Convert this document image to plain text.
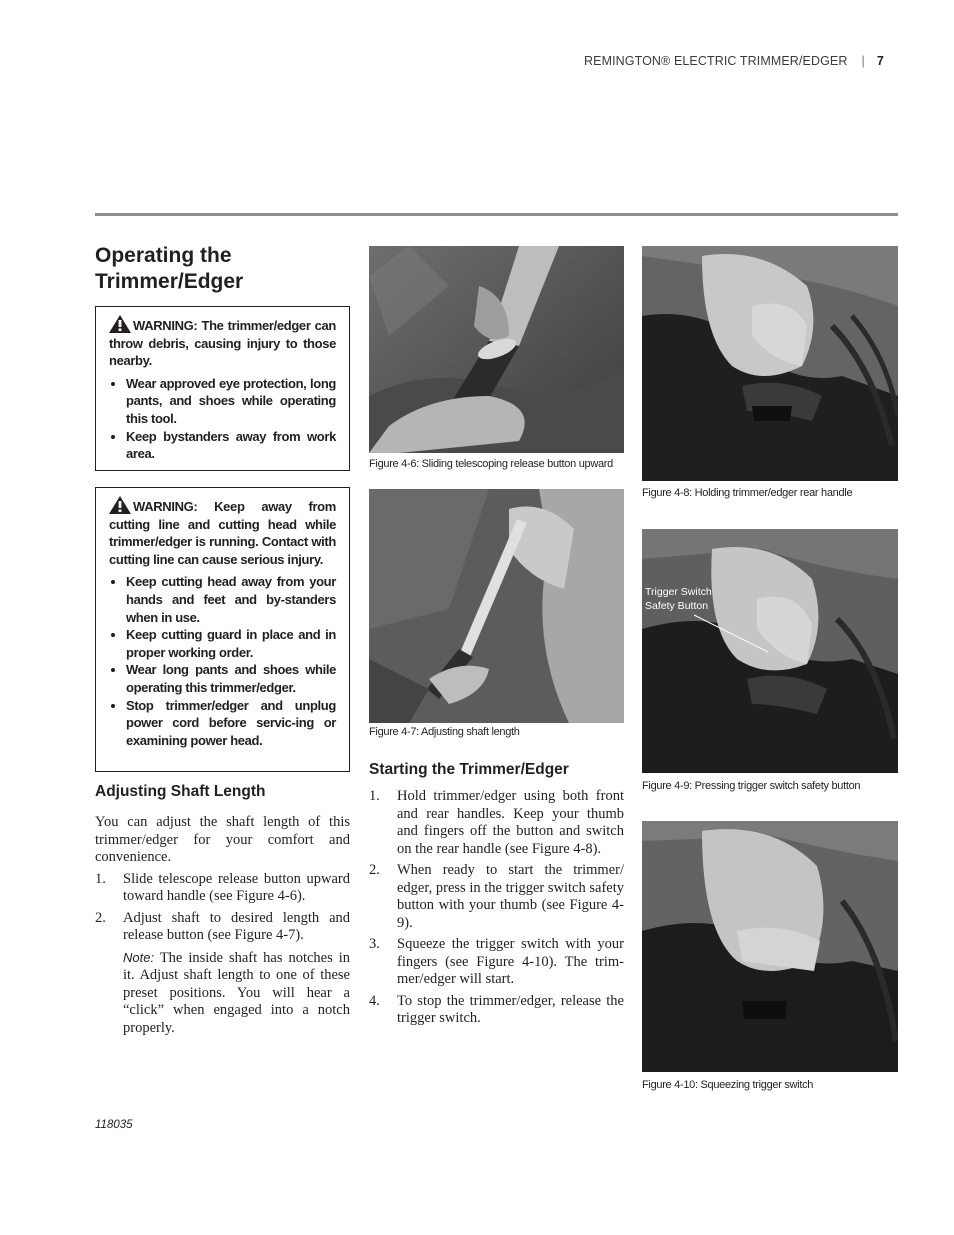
REMINGTON® ELECTRIC TRIMMER/EDGER | 7
Operating the Trimmer/Edger

WARNING: The trimmer/edger can throw debris, causing injury to those nearby.

• Wear approved eye protection, long pants, and shoes while operating this tool.
• Keep bystanders away from work area.

WARNING: Keep away from cutting line and cutting head while trimmer/edger is running. Contact with cutting line can cause serious injury.

• Keep cutting head away from your hands and feet and by-standers when in use.
• Keep cutting guard in place and in proper working order.
• Wear long pants and shoes while operating this trimmer/edger.
• Stop trimmer/edger and unplug power cord before servic-ing or examining power head.
Adjusting Shaft Length

You can adjust the shaft length of this trimmer/edger for your comfort and convenience.

1. Slide telescope release button upward toward handle (see Figure 4-6).
2. Adjust shaft to desired length and release button (see Figure 4-7).
Note: The inside shaft has notches in it. Adjust shaft length to one of these preset positions. You will hear a “click” when engaged into a notch properly.
Figure 4-6: Sliding telescoping release button upward
Figure 4-7: Adjusting shaft length
Starting the Trimmer/Edger
1. Hold trimmer/edger using both front and rear handles. Keep your thumb and fingers off the button and switch on the rear handle (see Figure 4-8).
2. When ready to start the trimmer/ edger, press in the trigger switch safety button with your thumb (see Figure 4-9).
3. Squeeze the trigger switch with your fingers (see Figure 4-10). The trim-mer/edger will start.
4. To stop the trimmer/edger, release the trigger switch.
Figure 4-8: Holding trimmer/edger rear handle
Trigger Switch
Safety Button
Figure 4-9: Pressing trigger switch safety button
Figure 4-10: Squeezing trigger switch
118035
